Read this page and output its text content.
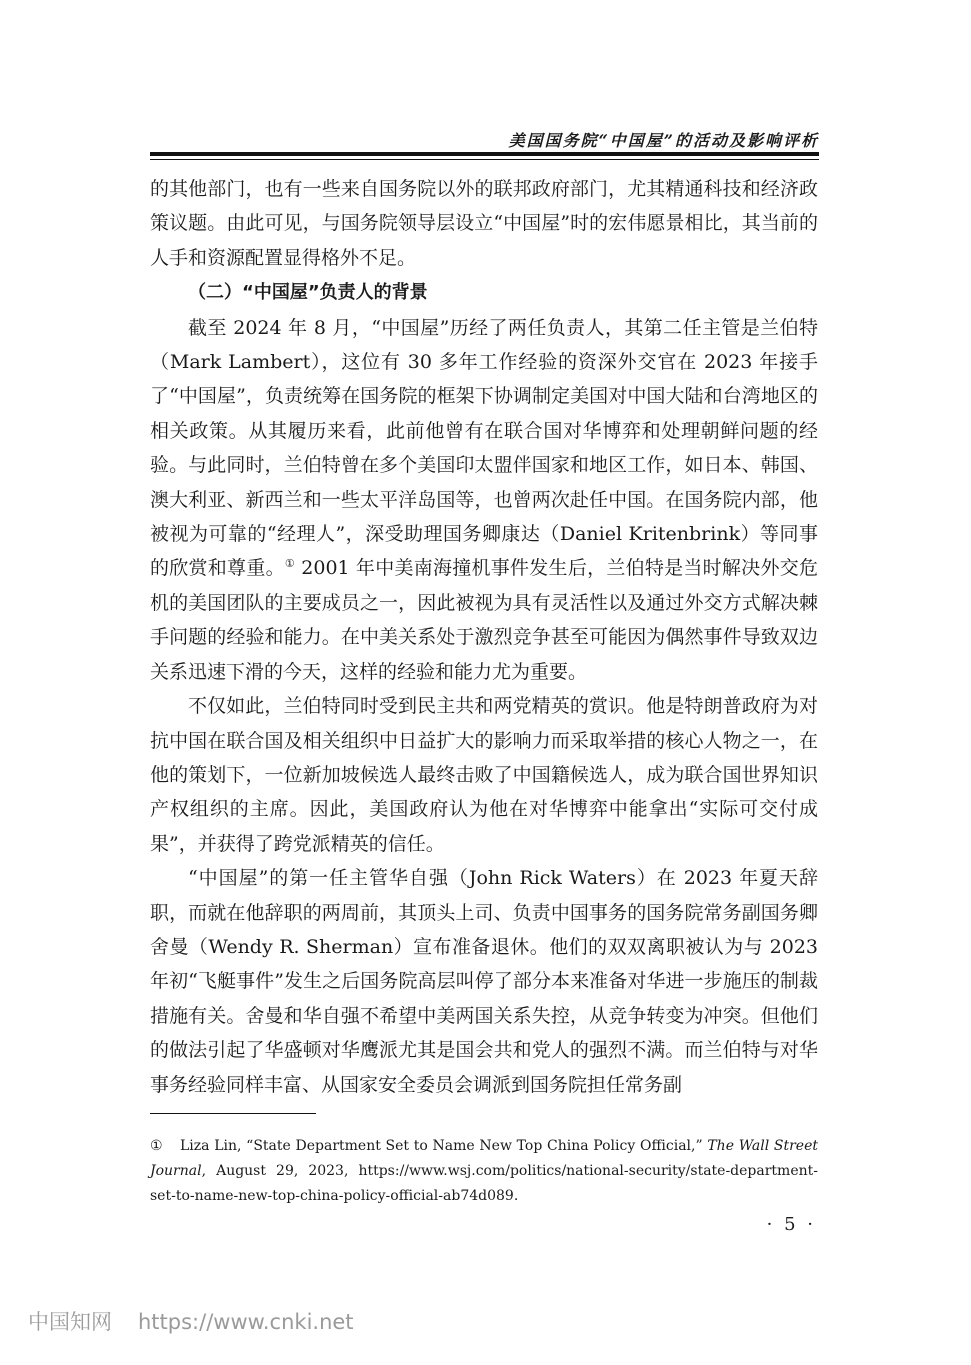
美国国务院“中国屋”的活动及影响评析

的其他部门，也有一些来自国务院以外的联邦政府部门，尤其精通科技和经济政策议题。由此可见，与国务院领导层设立“中国屋”时的宏伟愿景相比，其当前的人手和资源配置显得格外不足。

（二）“中国屋”负责人的背景

截至 2024 年 8 月，“中国屋”历经了两任负责人，其第二任主管是兰伯特（Mark Lambert），这位有 30 多年工作经验的资深外交官在 2023 年接手了“中国屋”，负责统筹在国务院的框架下协调制定美国对中国大陆和台湾地区的相关政策。从其履历来看，此前他曾有在联合国对华博弈和处理朝鲜问题的经验。与此同时，兰伯特曾在多个美国印太盟伴国家和地区工作，如日本、韩国、澳大利亚、新西兰和一些太平洋岛国等，也曾两次赴任中国。在国务院内部，他被视为可靠的“经理人”，深受助理国务卿康达（Daniel Kritenbrink）等同事的欣赏和尊重。① 2001 年中美南海撞机事件发生后，兰伯特是当时解决外交危机的美国团队的主要成员之一，因此被视为具有灵活性以及通过外交方式解决棘手问题的经验和能力。在中美关系处于激烈竞争甚至可能因为偶然事件导致双边关系迅速下滑的今天，这样的经验和能力尤为重要。

不仅如此，兰伯特同时受到民主共和两党精英的赏识。他是特朗普政府为对抗中国在联合国及相关组织中日益扩大的影响力而采取举措的核心人物之一，在他的策划下，一位新加坡候选人最终击败了中国籍候选人，成为联合国世界知识产权组织的主席。因此，美国政府认为他在对华博弈中能拿出“实际可交付成果”，并获得了跨党派精英的信任。

“中国屋”的第一任主管华自强（John Rick Waters）在 2023 年夏天辞职，而就在他辞职的两周前，其顶头上司、负责中国事务的国务院常务副国务卿舍曼（Wendy R. Sherman）宣布准备退休。他们的双双离职被认为与 2023 年初“飞艇事件”发生之后国务院高层叫停了部分本来准备对华进一步施压的制裁措施有关。舍曼和华自强不希望中美两国关系失控，从竞争转变为冲突。但他们的做法引起了华盛顿对华鹰派尤其是国会共和党人的强烈不满。而兰伯特与对华事务经验同样丰富、从国家安全委员会调派到国务院担任常务副

① Liza Lin, “State Department Set to Name New Top China Policy Official,” The Wall Street Journal, August 29, 2023, https://www.wsj.com/politics/national-security/state-department-set-to-name-new-top-china-policy-official-ab74d089.
· 5 ·
中国知网 https://www.cnki.net
